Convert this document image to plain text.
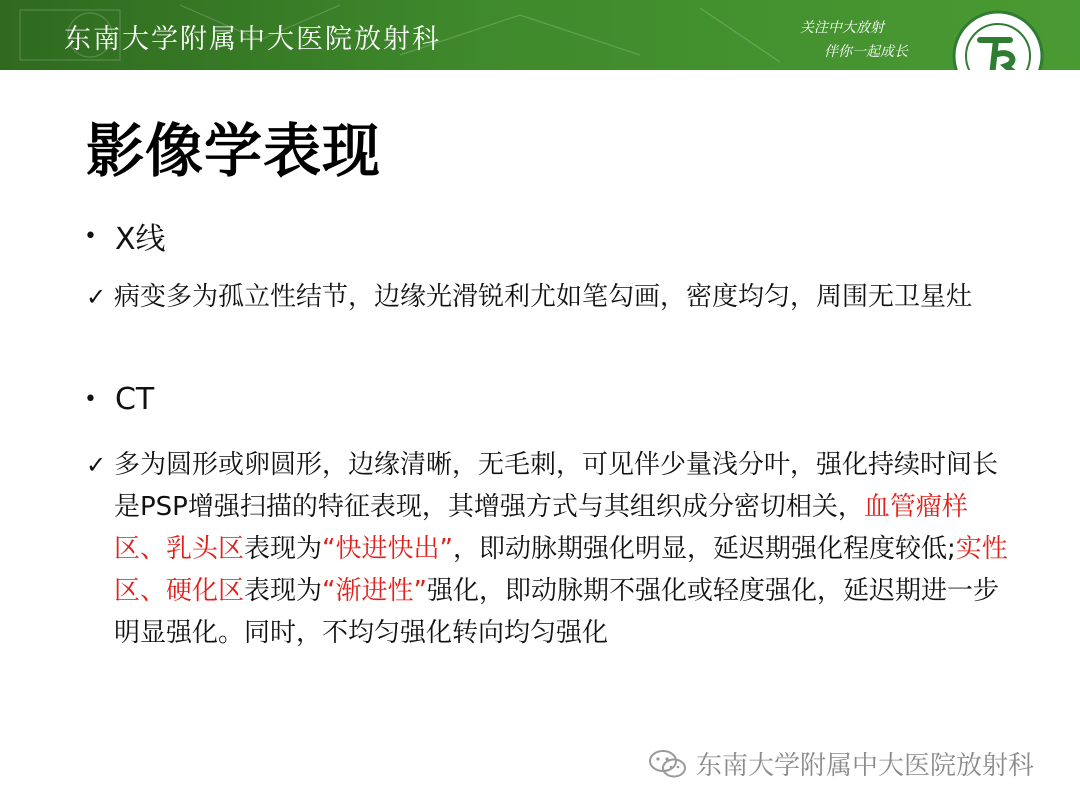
东南大学附属中大医院放射科	关注中大放射
伴你一起成长
影像学表现
• X线
✓ 病变多为孤立性结节，边缘光滑锐利尤如笔勾画，密度均匀，周围无卫星灶
• CT
✓ 多为圆形或卵圆形，边缘清晰，无毛刺，可见伴少量浅分叶，强化持续时间长是PSP增强扫描的特征表现，其增强方式与其组织成分密切相关，血管瘤样区、乳头区表现为“快进快出”，即动脉期强化明显，延迟期强化程度较低;实性区、硬化区表现为“渐进性”强化，即动脉期不强化或轻度强化，延迟期进一步明显强化。同时，不均匀强化转向均匀强化
东南大学附属中大医院放射科
